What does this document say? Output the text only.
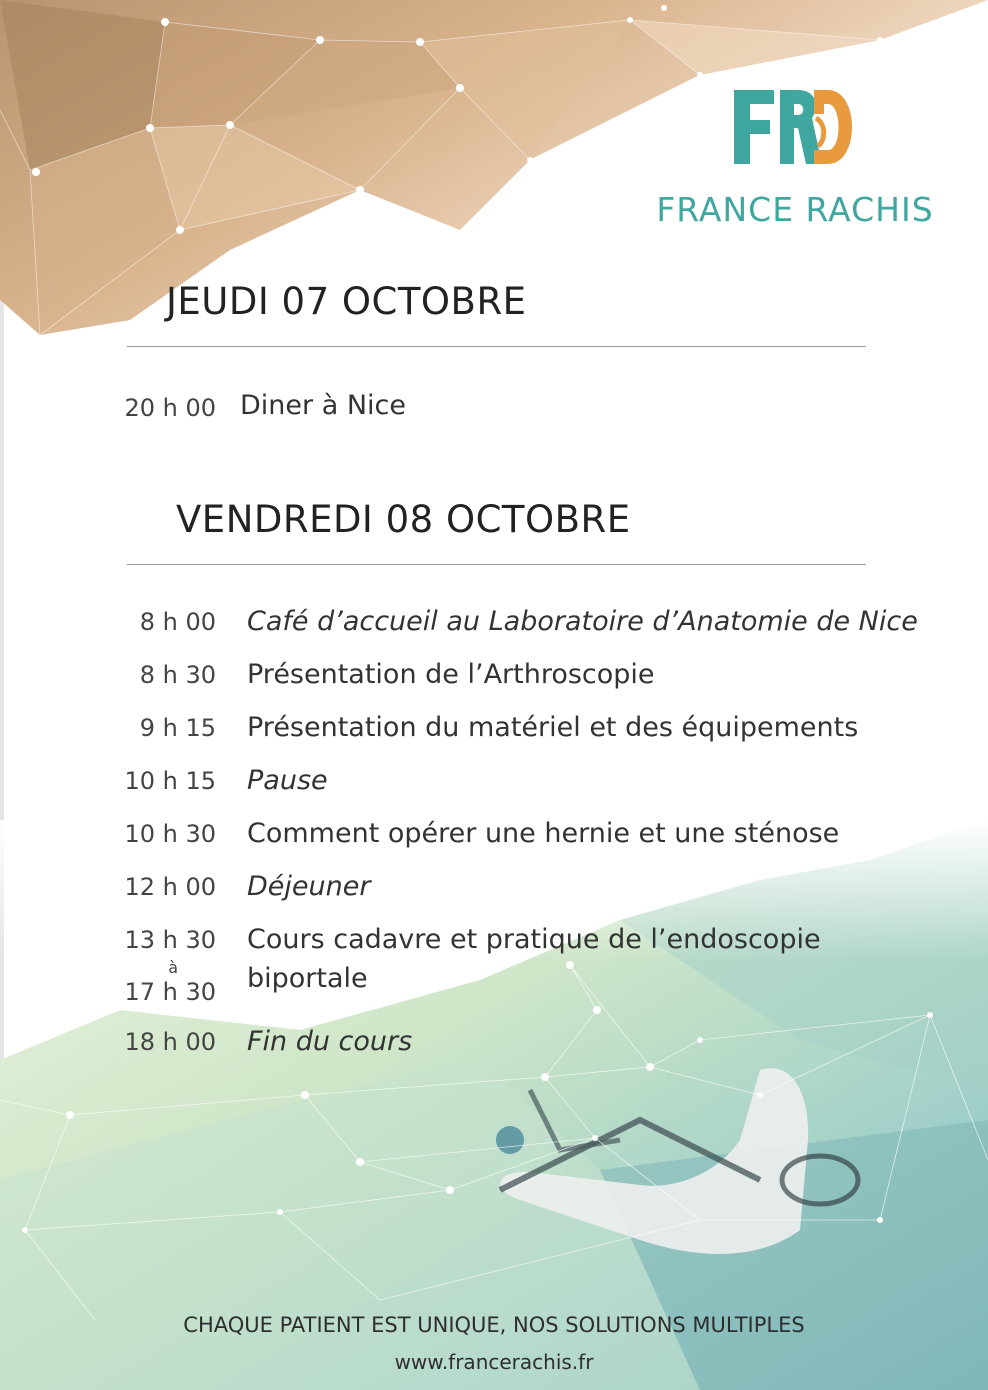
FRANCE RACHIS
JEUDI 07 OCTOBRE
20 h 00 Diner à Nice
VENDREDI 08 OCTOBRE
8 h 00 Café d’accueil au Laboratoire d’Anatomie de Nice
8 h 30 Présentation de l’Arthroscopie
9 h 15 Présentation du matériel et des équipements
10 h 15 Pause
10 h 30 Comment opérer une hernie et une sténose
12 h 00 Déjeuner
13 h 30
à
17 h 30
Cours cadavre et pratique de l’endoscopie
biportale
18 h 00 Fin du cours
CHAQUE PATIENT EST UNIQUE, NOS SOLUTIONS MULTIPLES
www.francerachis.fr
